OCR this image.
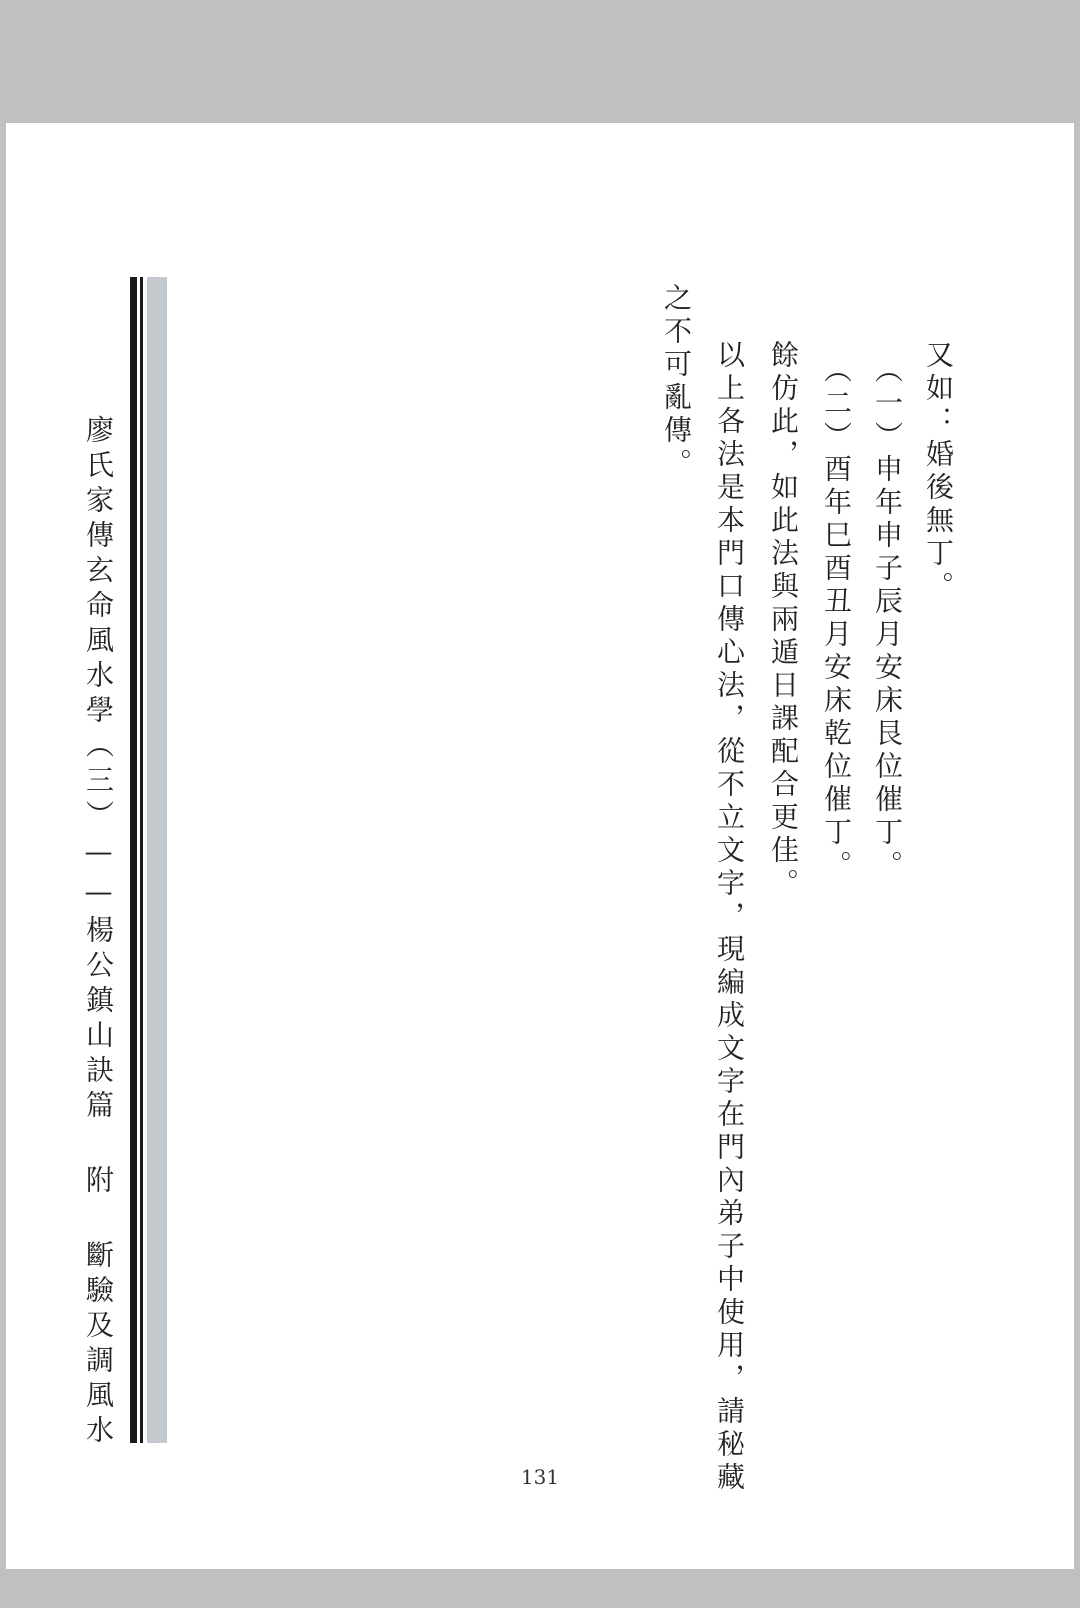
廖氏家傳玄命風水學（三）——楊公鎮山訣篇 附 斷驗及調風水	又如：婚後無丁。
（一）申年申子辰月安床艮位催丁。
（二）酉年巳酉丑月安床乾位催丁。
餘仿此，如此法與兩遁日課配合更佳。
以上各法是本門口傳心法，從不立文字，現編成文字在門內弟子中使用，請秘藏
之不可亂傳。
131
